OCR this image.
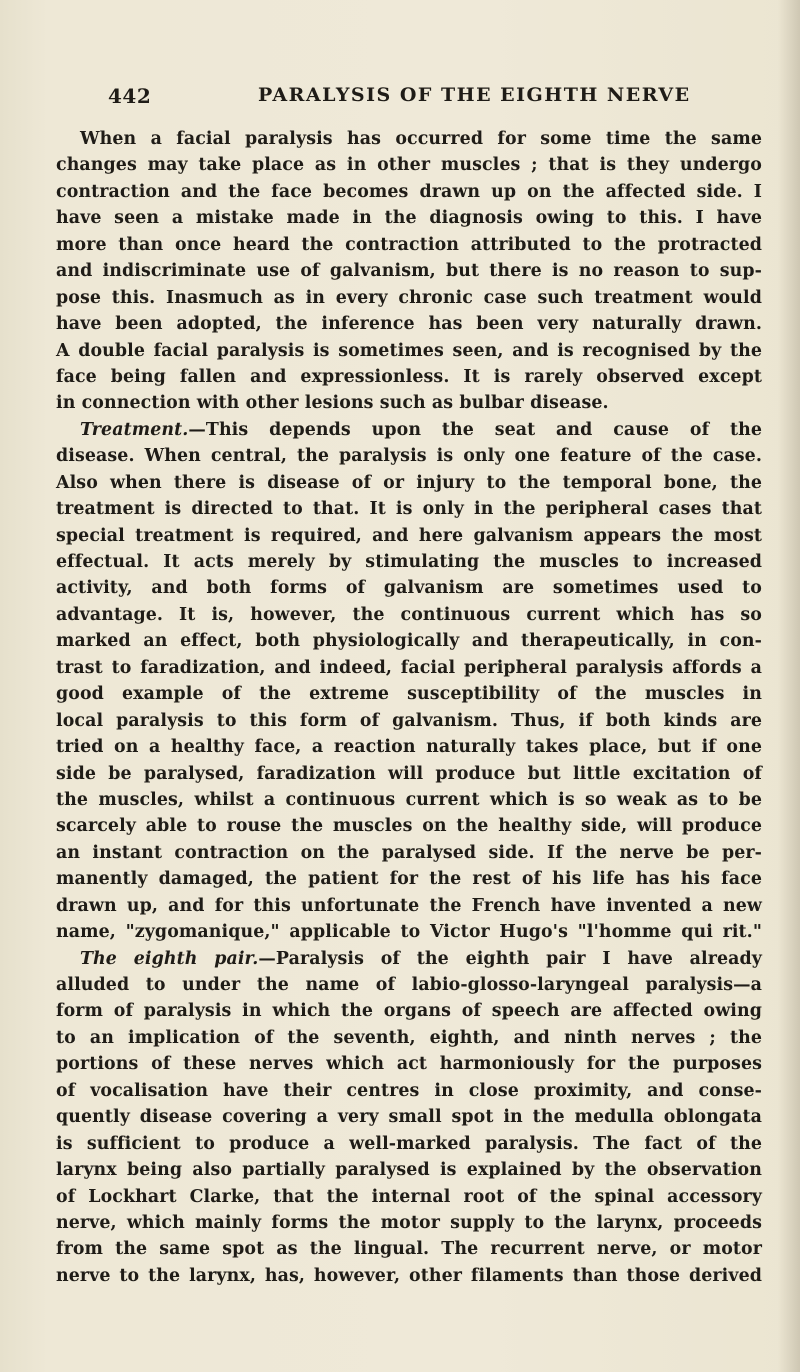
442	PARALYSIS OF THE EIGHTH NERVE
When a facial paralysis has occurred for some time the same
changes may take place as in other muscles ; that is they undergo
contraction and the face becomes drawn up on the affected side. I
have seen a mistake made in the diagnosis owing to this. I have
more than once heard the contraction attributed to the protracted
and indiscriminate use of galvanism, but there is no reason to sup-
pose this. Inasmuch as in every chronic case such treatment would
have been adopted, the inference has been very naturally drawn.
A double facial paralysis is sometimes seen, and is recognised by the
face being fallen and expressionless. It is rarely observed except
in connection with other lesions such as bulbar disease.
Treatment.—This depends upon the seat and cause of the
disease. When central, the paralysis is only one feature of the case.
Also when there is disease of or injury to the temporal bone, the
treatment is directed to that. It is only in the peripheral cases that
special treatment is required, and here galvanism appears the most
effectual. It acts merely by stimulating the muscles to increased
activity, and both forms of galvanism are sometimes used to
advantage. It is, however, the continuous current which has so
marked an effect, both physiologically and therapeutically, in con-
trast to faradization, and indeed, facial peripheral paralysis affords a
good example of the extreme susceptibility of the muscles in
local paralysis to this form of galvanism. Thus, if both kinds are
tried on a healthy face, a reaction naturally takes place, but if one
side be paralysed, faradization will produce but little excitation of
the muscles, whilst a continuous current which is so weak as to be
scarcely able to rouse the muscles on the healthy side, will produce
an instant contraction on the paralysed side. If the nerve be per-
manently damaged, the patient for the rest of his life has his face
drawn up, and for this unfortunate the French have invented a new
name, "zygomanique," applicable to Victor Hugo's "l'homme qui rit."
The eighth pair.—Paralysis of the eighth pair I have already
alluded to under the name of labio-glosso-laryngeal paralysis—a
form of paralysis in which the organs of speech are affected owing
to an implication of the seventh, eighth, and ninth nerves ; the
portions of these nerves which act harmoniously for the purposes
of vocalisation have their centres in close proximity, and conse-
quently disease covering a very small spot in the medulla oblongata
is sufficient to produce a well-marked paralysis. The fact of the
larynx being also partially paralysed is explained by the observation
of Lockhart Clarke, that the internal root of the spinal accessory
nerve, which mainly forms the motor supply to the larynx, proceeds
from the same spot as the lingual. The recurrent nerve, or motor
nerve to the larynx, has, however, other filaments than those derived
